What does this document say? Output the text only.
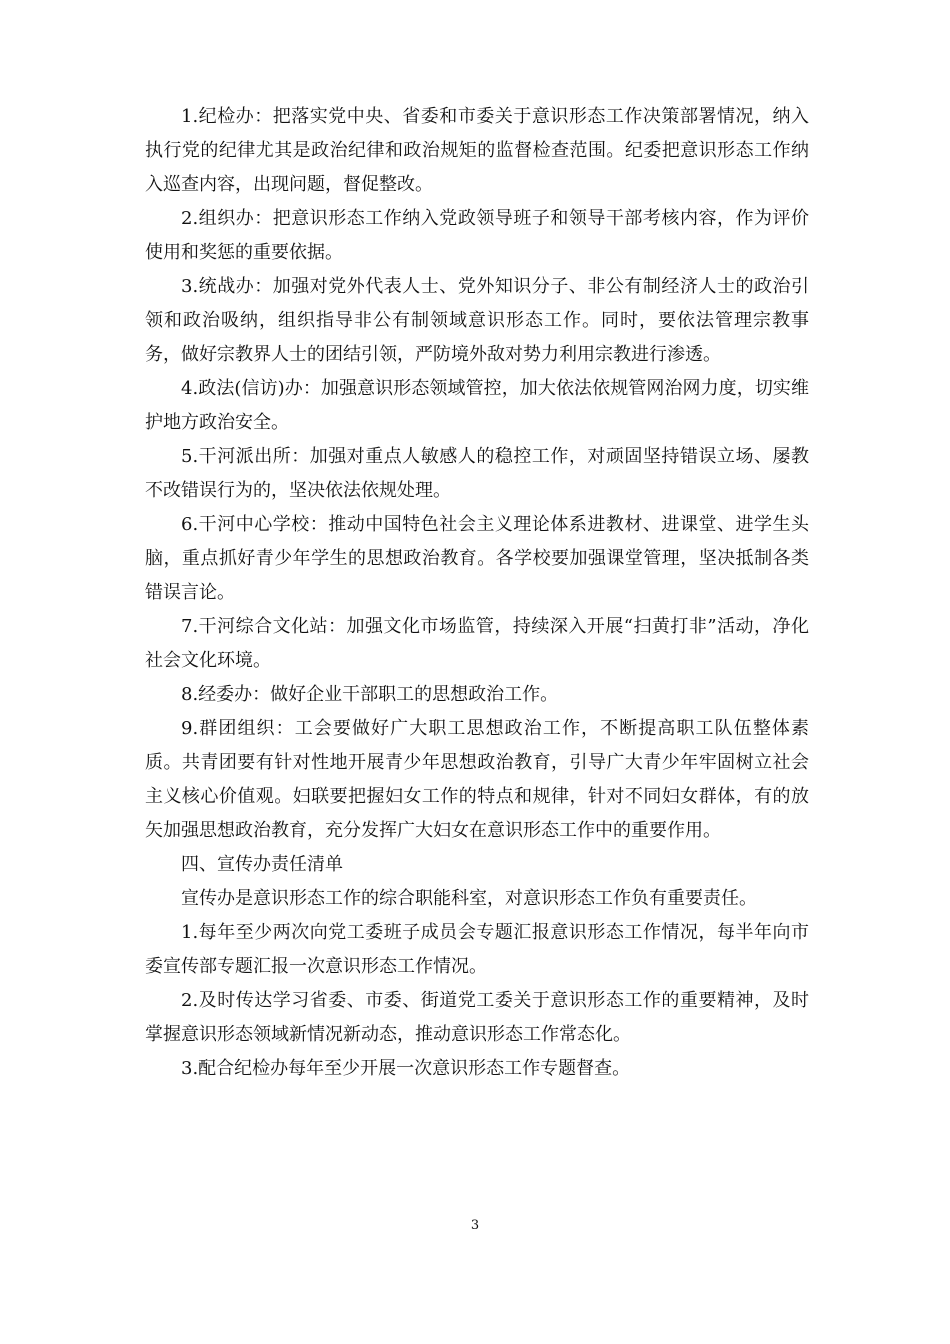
1.纪检办：把落实党中央、省委和市委关于意识形态工作决策部署情况，纳入执行党的纪律尤其是政治纪律和政治规矩的监督检查范围。纪委把意识形态工作纳入巡查内容，出现问题，督促整改。

2.组织办：把意识形态工作纳入党政领导班子和领导干部考核内容，作为评价使用和奖惩的重要依据。

3.统战办：加强对党外代表人士、党外知识分子、非公有制经济人士的政治引领和政治吸纳，组织指导非公有制领域意识形态工作。同时，要依法管理宗教事务，做好宗教界人士的团结引领，严防境外敌对势力利用宗教进行渗透。

4.政法(信访)办：加强意识形态领域管控，加大依法依规管网治网力度，切实维护地方政治安全。

5.干河派出所：加强对重点人敏感人的稳控工作，对顽固坚持错误立场、屡教不改错误行为的，坚决依法依规处理。

6.干河中心学校：推动中国特色社会主义理论体系进教材、进课堂、进学生头脑，重点抓好青少年学生的思想政治教育。各学校要加强课堂管理，坚决抵制各类错误言论。

7.干河综合文化站：加强文化市场监管，持续深入开展“扫黄打非”活动，净化社会文化环境。

8.经委办：做好企业干部职工的思想政治工作。

9.群团组织：工会要做好广大职工思想政治工作，不断提高职工队伍整体素质。共青团要有针对性地开展青少年思想政治教育，引导广大青少年牢固树立社会主义核心价值观。妇联要把握妇女工作的特点和规律，针对不同妇女群体，有的放矢加强思想政治教育，充分发挥广大妇女在意识形态工作中的重要作用。

四、宣传办责任清单

宣传办是意识形态工作的综合职能科室，对意识形态工作负有重要责任。

1.每年至少两次向党工委班子成员会专题汇报意识形态工作情况，每半年向市委宣传部专题汇报一次意识形态工作情况。

2.及时传达学习省委、市委、街道党工委关于意识形态工作的重要精神，及时掌握意识形态领域新情况新动态，推动意识形态工作常态化。

3.配合纪检办每年至少开展一次意识形态工作专题督查。

3
